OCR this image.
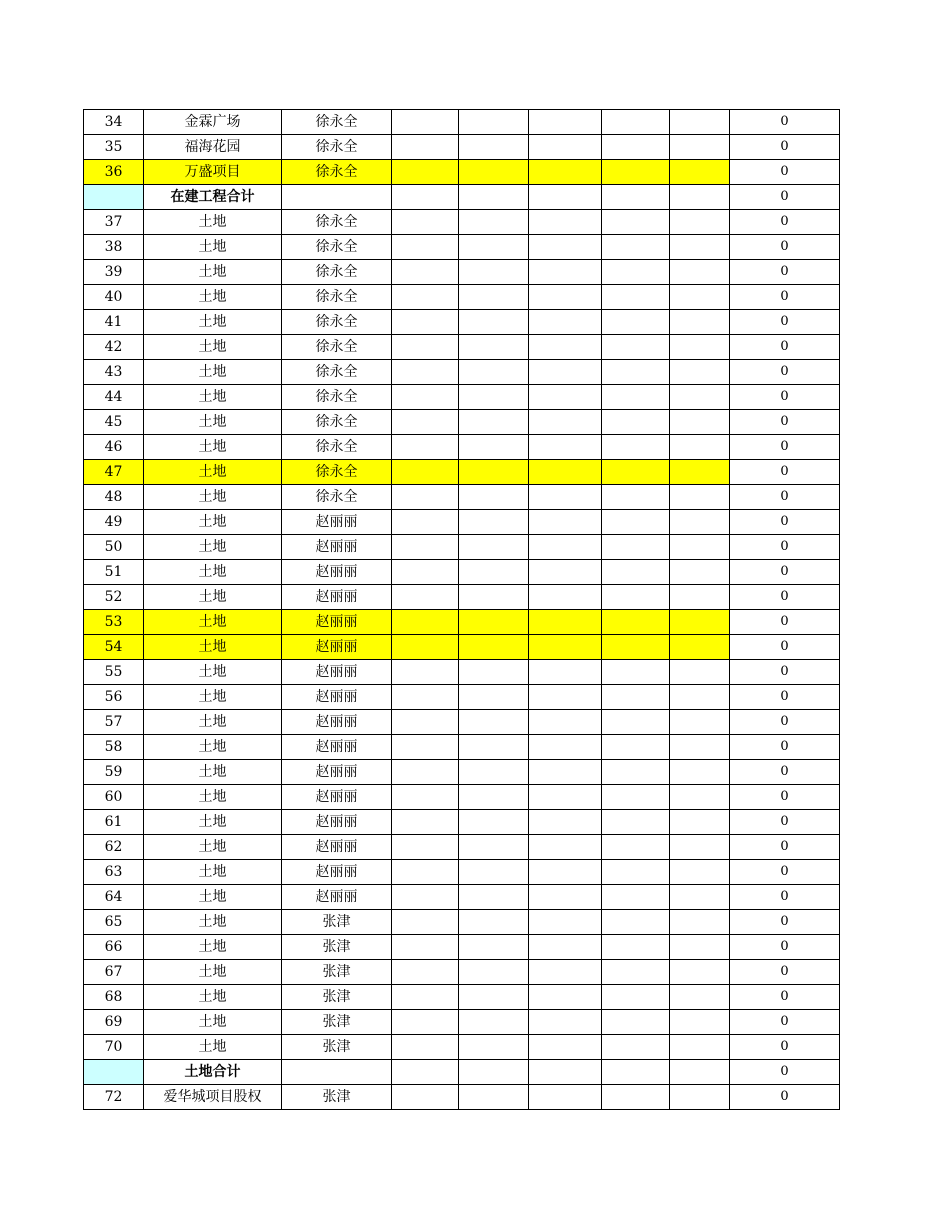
34	金霖广场	徐永全						0
35	福海花园	徐永全						0
36	万盛项目	徐永全						0
	在建工程合计							0
37	土地	徐永全						0
38	土地	徐永全						0
39	土地	徐永全						0
40	土地	徐永全						0
41	土地	徐永全						0
42	土地	徐永全						0
43	土地	徐永全						0
44	土地	徐永全						0
45	土地	徐永全						0
46	土地	徐永全						0
47	土地	徐永全						0
48	土地	徐永全						0
49	土地	赵丽丽						0
50	土地	赵丽丽						0
51	土地	赵丽丽						0
52	土地	赵丽丽						0
53	土地	赵丽丽						0
54	土地	赵丽丽						0
55	土地	赵丽丽						0
56	土地	赵丽丽						0
57	土地	赵丽丽						0
58	土地	赵丽丽						0
59	土地	赵丽丽						0
60	土地	赵丽丽						0
61	土地	赵丽丽						0
62	土地	赵丽丽						0
63	土地	赵丽丽						0
64	土地	赵丽丽						0
65	土地	张津						0
66	土地	张津						0
67	土地	张津						0
68	土地	张津						0
69	土地	张津						0
70	土地	张津						0
	土地合计							0
72	爱华城项目股权	张津						0
